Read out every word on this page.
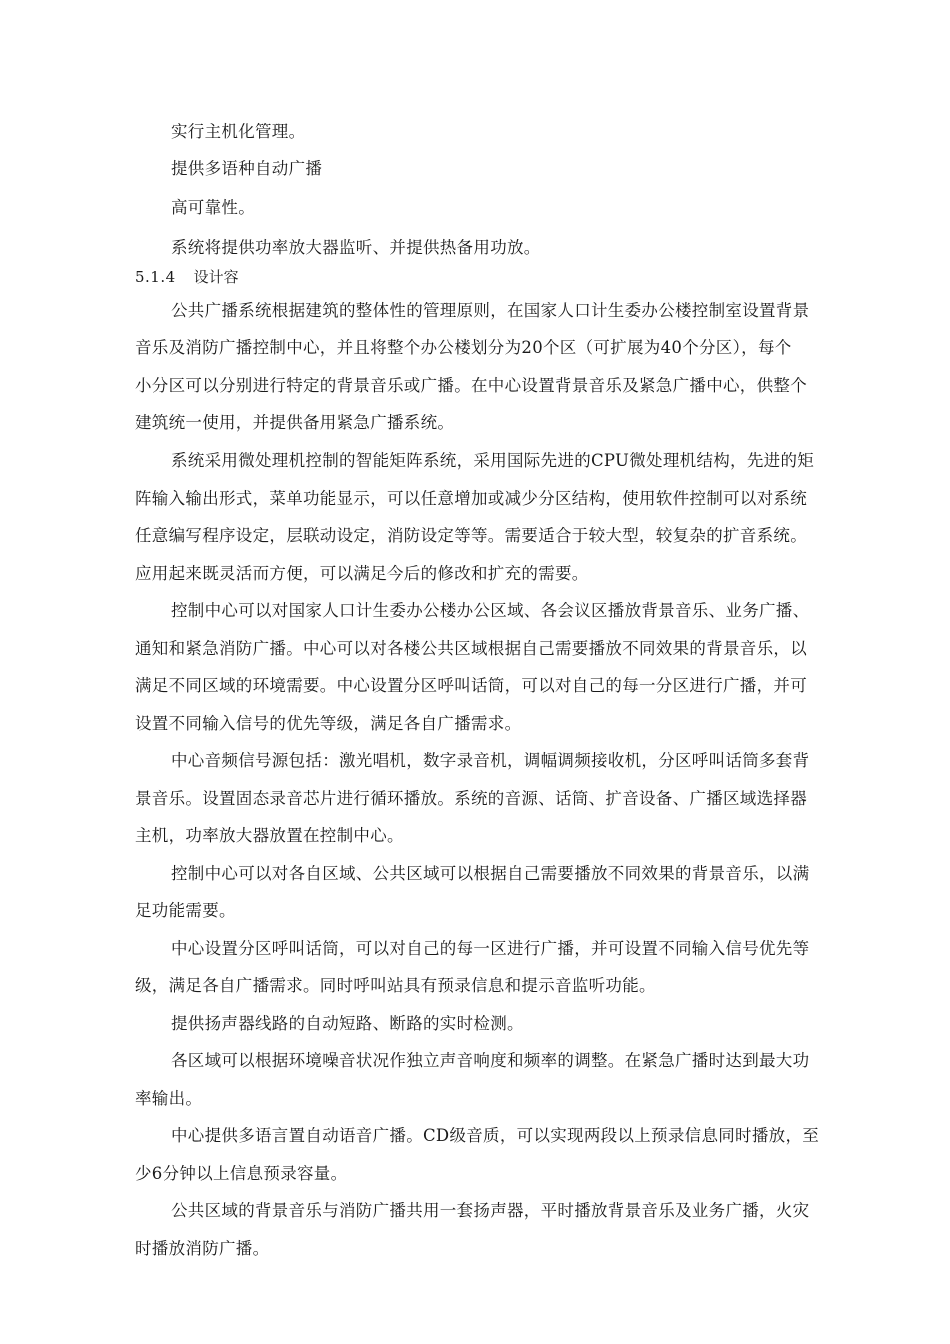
实行主机化管理。
提供多语种自动广播
高可靠性。
系统将提供功率放大器监听、并提供热备用功放。
5.1.4 设计容
公共广播系统根据建筑的整体性的管理原则，在国家人口计生委办公楼控制室设置背景
音乐及消防广播控制中心，并且将整个办公楼划分为20个区（可扩展为40个分区），每个
小分区可以分别进行特定的背景音乐或广播。在中心设置背景音乐及紧急广播中心，供整个
建筑统一使用，并提供备用紧急广播系统。
系统采用微处理机控制的智能矩阵系统，采用国际先进的CPU微处理机结构，先进的矩
阵输入输出形式，菜单功能显示，可以任意增加或减少分区结构，使用软件控制可以对系统
任意编写程序设定，层联动设定，消防设定等等。需要适合于较大型，较复杂的扩音系统。
应用起来既灵活而方便，可以满足今后的修改和扩充的需要。
控制中心可以对国家人口计生委办公楼办公区域、各会议区播放背景音乐、业务广播、
通知和紧急消防广播。中心可以对各楼公共区域根据自己需要播放不同效果的背景音乐，以
满足不同区域的环境需要。中心设置分区呼叫话筒，可以对自己的每一分区进行广播，并可
设置不同输入信号的优先等级，满足各自广播需求。
中心音频信号源包括：激光唱机，数字录音机，调幅调频接收机，分区呼叫话筒多套背
景音乐。设置固态录音芯片进行循环播放。系统的音源、话筒、扩音设备、广播区域选择器
主机，功率放大器放置在控制中心。
控制中心可以对各自区域、公共区域可以根据自己需要播放不同效果的背景音乐，以满
足功能需要。
中心设置分区呼叫话筒，可以对自己的每一区进行广播，并可设置不同输入信号优先等
级，满足各自广播需求。同时呼叫站具有预录信息和提示音监听功能。
提供扬声器线路的自动短路、断路的实时检测。
各区域可以根据环境噪音状况作独立声音响度和频率的调整。在紧急广播时达到最大功
率输出。
中心提供多语言置自动语音广播。CD级音质，可以实现两段以上预录信息同时播放，至
少6分钟以上信息预录容量。
公共区域的背景音乐与消防广播共用一套扬声器，平时播放背景音乐及业务广播，火灾
时播放消防广播。
